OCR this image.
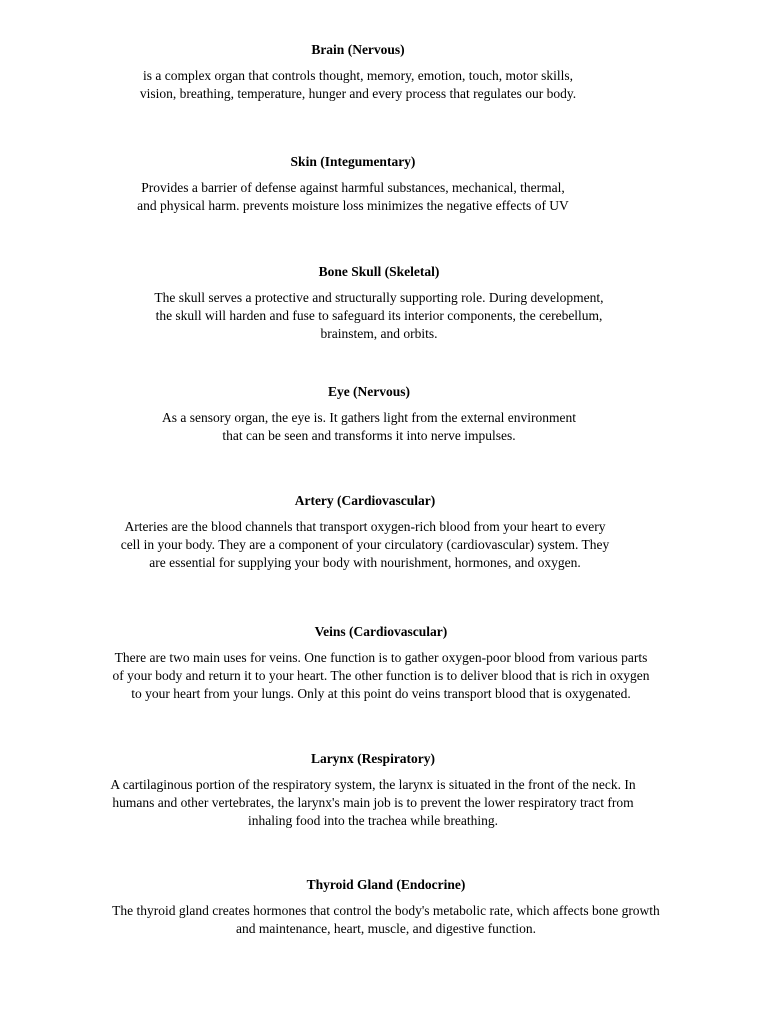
Brain (Nervous)

is a complex organ that controls thought, memory, emotion, touch, motor skills,
vision, breathing, temperature, hunger and every process that regulates our body.

Skin (Integumentary)

Provides a barrier of defense against harmful substances, mechanical, thermal,
and physical harm. prevents moisture loss minimizes the negative effects of UV

Bone Skull (Skeletal)

The skull serves a protective and structurally supporting role. During development,
the skull will harden and fuse to safeguard its interior components, the cerebellum,
brainstem, and orbits.

Eye (Nervous)

As a sensory organ, the eye is. It gathers light from the external environment
that can be seen and transforms it into nerve impulses.

Artery (Cardiovascular)

Arteries are the blood channels that transport oxygen-rich blood from your heart to every
cell in your body. They are a component of your circulatory (cardiovascular) system. They
are essential for supplying your body with nourishment, hormones, and oxygen.

Veins (Cardiovascular)

There are two main uses for veins. One function is to gather oxygen-poor blood from various parts
of your body and return it to your heart. The other function is to deliver blood that is rich in oxygen
to your heart from your lungs. Only at this point do veins transport blood that is oxygenated.

Larynx (Respiratory)

A cartilaginous portion of the respiratory system, the larynx is situated in the front of the neck. In
humans and other vertebrates, the larynx's main job is to prevent the lower respiratory tract from
inhaling food into the trachea while breathing.

Thyroid Gland (Endocrine)

The thyroid gland creates hormones that control the body's metabolic rate, which affects bone growth
and maintenance, heart, muscle, and digestive function.
